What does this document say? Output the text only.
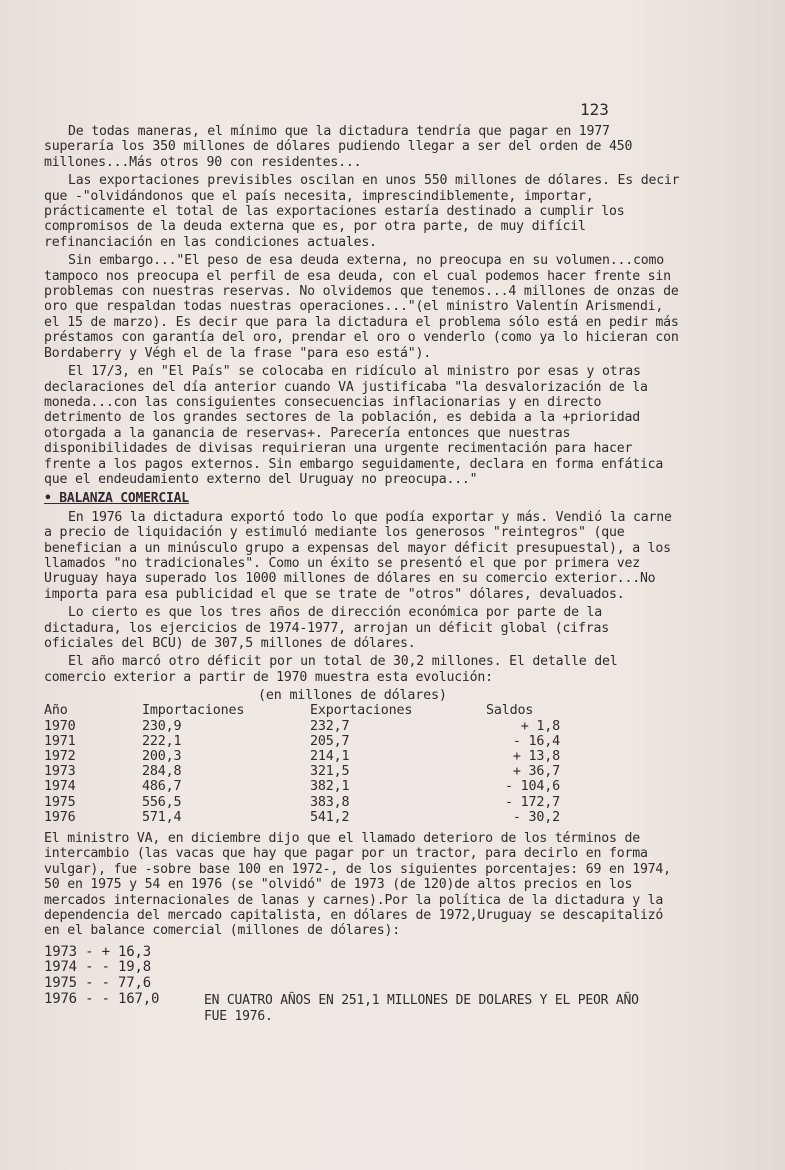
123

De todas maneras, el mínimo que la dictadura tendría que pagar en 1977 superaría los 350 millones de dólares pudiendo llegar a ser del orden de 450 millones...Más otros 90 con residentes...

Las exportaciones previsibles oscilan en unos 550 millones de dólares. Es decir que -"olvidándonos que el país necesita, imprescindiblemente, importar, prácticamente el total de las exportaciones estaría destinado a cumplir los compromisos de la deuda externa que es, por otra parte, de muy difícil refinanciación en las condiciones actuales.

Sin embargo..."El peso de esa deuda externa, no preocupa en su volumen...como tampoco nos preocupa el perfil de esa deuda, con el cual podemos hacer frente sin problemas con nuestras reservas. No olvidemos que tenemos...4 millones de onzas de oro que respaldan todas nuestras operaciones..."(el ministro Valentín Arismendi, el 15 de marzo). Es decir que para la dictadura el problema sólo está en pedir más préstamos con garantía del oro, prendar el oro o venderlo (como ya lo hicieran con Bordaberry y Végh el de la frase "para eso está").

El 17/3, en "El País" se colocaba en ridículo al ministro por esas y otras declaraciones del día anterior cuando VA justificaba "la desvalorización de la moneda...con las consiguientes consecuencias inflacionarias y en directo detrimento de los grandes sectores de la población, es debida a la +prioridad otorgada a la ganancia de reservas+. Parecería entonces que nuestras disponibilidades de divisas requirieran una urgente recimentación para hacer frente a los pagos externos. Sin embargo seguidamente, declara en forma enfática que el endeudamiento externo del Uruguay no preocupa..."

• BALANZA COMERCIAL

En 1976 la dictadura exportó todo lo que podía exportar y más. Vendió la carne a precio de liquidación y estimuló mediante los generosos "reintegros" (que benefician a un minúsculo grupo a expensas del mayor déficit presupuestal), a los llamados "no tradicionales". Como un éxito se presentó el que por primera vez Uruguay haya superado los 1000 millones de dólares en su comercio exterior...No importa para esa publicidad el que se trate de "otros" dólares, devaluados.

Lo cierto es que los tres años de dirección económica por parte de la dictadura, los ejercicios de 1974-1977, arrojan un déficit global (cifras oficiales del BCU) de 307,5 millones de dólares.

El año marcó otro déficit por un total de 30,2 millones. El detalle del comercio exterior a partir de 1970 muestra esta evolución:

(en millones de dólares)
Año	Importaciones	Exportaciones	Saldos
1970	230,9	232,7	+ 1,8
1971	222,1	205,7	- 16,4
1972	200,3	214,1	+ 13,8
1973	284,8	321,5	+ 36,7
1974	486,7	382,1	- 104,6
1975	556,5	383,8	- 172,7
1976	571,4	541,2	- 30,2

El ministro VA, en diciembre dijo que el llamado deterioro de los términos de intercambio (las vacas que hay que pagar por un tractor, para decirlo en forma vulgar), fue -sobre base 100 en 1972-, de los siguientes porcentajes: 69 en 1974, 50 en 1975 y 54 en 1976 (se "olvidó" de 1973 (de 120)de altos precios en los mercados internacionales de lanas y carnes).Por la política de la dictadura y la dependencia del mercado capitalista, en dólares de 1972,Uruguay se descapitalizó en el balance comercial (millones de dólares):

1973 - + 16,3
1974 - - 19,8
1975 - - 77,6
1976 - - 167,0	EN CUATRO AÑOS EN 251,1 MILLONES DE DOLARES Y EL PEOR AÑO FUE 1976.
